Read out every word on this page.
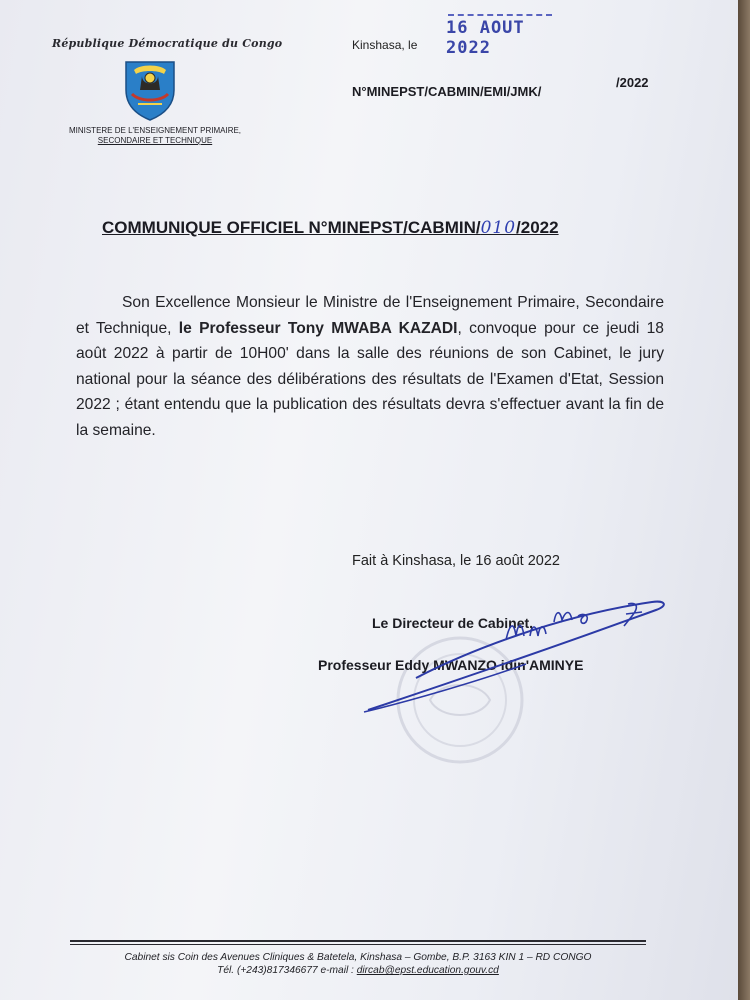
République Démocratique du Congo
MINISTERE DE L'ENSEIGNEMENT PRIMAIRE,
SECONDAIRE ET TECHNIQUE
Kinshasa, le
16 AOUT 2022
N°MINEPST/CABMIN/EMI/JMK/
/2022
COMMUNIQUE OFFICIEL N°MINEPST/CABMIN/010/2022
Son Excellence Monsieur le Ministre de l'Enseignement Primaire, Secondaire et Technique, le Professeur Tony MWABA KAZADI, convoque pour ce jeudi 18 août 2022 à partir de 10H00' dans la salle des réunions de son Cabinet, le jury national pour la séance des délibérations des résultats de l'Examen d'Etat, Session 2022 ; étant entendu que la publication des résultats devra s'effectuer avant la fin de la semaine.
Fait à Kinshasa, le 16 août 2022
Le Directeur de Cabinet,
Professeur Eddy MWANZO idin'AMINYE
Cabinet sis Coin des Avenues Cliniques & Batetela, Kinshasa – Gombe, B.P. 3163 KIN 1 – RD CONGO
Tél. (+243)817346677 e-mail : dircab@epst.education.gouv.cd
